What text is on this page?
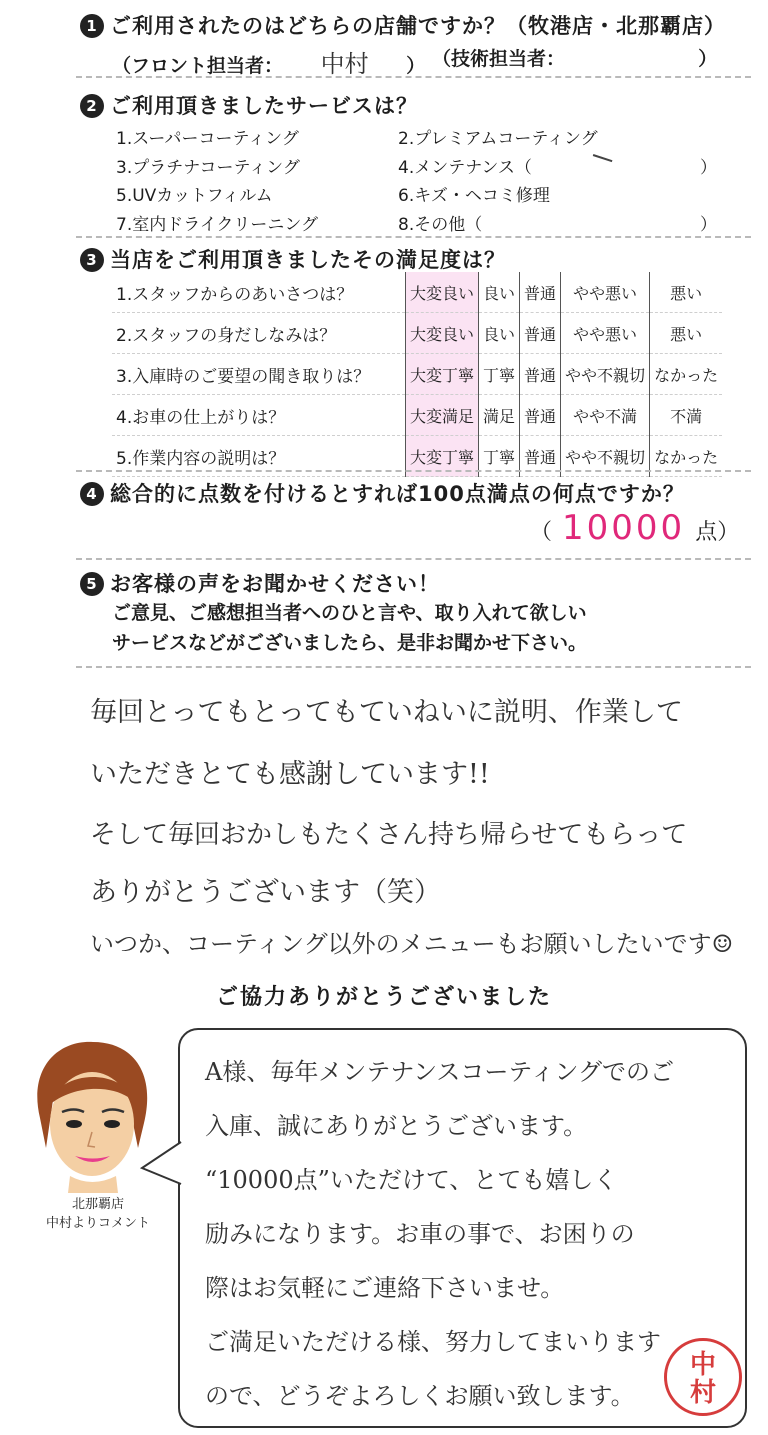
1 ご利用されたのはどちらの店舗ですか？（牧港店・北那覇店）
（フロント担当者： 中村 ） （技術担当者：	）
2 ご利用頂きましたサービスは？
1.スーパーコーティング	2.プレミアムコーティング
3.プラチナコーティング	4.メンテナンス（	）
5.UVカットフィルム	6.キズ・ヘコミ修理
7.室内ドライクリーニング	8.その他（	）
3 当店をご利用頂きましたその満足度は？
1.スタッフからのあいさつは？	大変良い	良い	普通	やや悪い	悪い
2.スタッフの身だしなみは？	大変良い	良い	普通	やや悪い	悪い
3.入庫時のご要望の聞き取りは？	大変丁寧	丁寧	普通	やや不親切	なかった
4.お車の仕上がりは？	大変満足	満足	普通	やや不満	不満
5.作業内容の説明は？	大変丁寧	丁寧	普通	やや不親切	なかった
4 総合的に点数を付けるとすれば100点満点の何点ですか？
（ 10000 点）
5 お客様の声をお聞かせください！
ご意見、ご感想担当者へのひと言や、取り入れて欲しい
サービスなどがございましたら、是非お聞かせ下さい。
毎回とってもとってもていねいに説明、作業して
いただきとても感謝しています!!
そして毎回おかしもたくさん持ち帰らせてもらって
ありがとうございます（笑）
いつか、コーティング以外のメニューもお願いしたいです☺
ご協力ありがとうございました
北那覇店
中村よりコメント
A様、毎年メンテナンスコーティングでのご
入庫、誠にありがとうございます。
“10000点”いただけて、とても嬉しく
励みになります。お車の事で、お困りの
際はお気軽にご連絡下さいませ。
ご満足いただける様、努力してまいります
ので、どうぞよろしくお願い致します。
中
村
